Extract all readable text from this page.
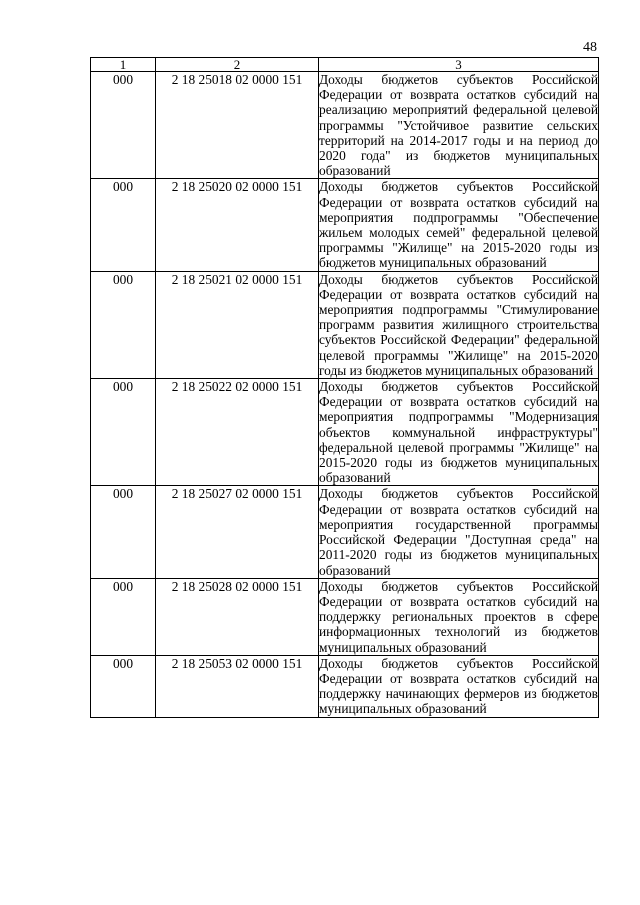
48
1	2	3
000	2 18 25018 02 0000 151	Доходы бюджетов субъектов Российской Федерации от возврата остатков субсидий на реализацию мероприятий федеральной целевой программы "Устойчивое развитие сельских территорий на 2014-2017 годы и на период до 2020 года" из бюджетов муниципальных образований
000	2 18 25020 02 0000 151	Доходы бюджетов субъектов Российской Федерации от возврата остатков субсидий на мероприятия подпрограммы "Обеспечение жильем молодых семей" федеральной целевой программы "Жилище" на 2015-2020 годы из бюджетов муниципальных образований
000	2 18 25021 02 0000 151	Доходы бюджетов субъектов Российской Федерации от возврата остатков субсидий на мероприятия подпрограммы "Стимулирование программ развития жилищного строительства субъектов Российской Федерации" федеральной целевой программы "Жилище" на 2015-2020 годы из бюджетов муниципальных образований
000	2 18 25022 02 0000 151	Доходы бюджетов субъектов Российской Федерации от возврата остатков субсидий на мероприятия подпрограммы "Модернизация объектов коммунальной инфраструктуры" федеральной целевой программы "Жилище" на 2015-2020 годы из бюджетов муниципальных образований
000	2 18 25027 02 0000 151	Доходы бюджетов субъектов Российской Федерации от возврата остатков субсидий на мероприятия государственной программы Российской Федерации "Доступная среда" на 2011-2020 годы из бюджетов муниципальных образований
000	2 18 25028 02 0000 151	Доходы бюджетов субъектов Российской Федерации от возврата остатков субсидий на поддержку региональных проектов в сфере информационных технологий из бюджетов муниципальных образований
000	2 18 25053 02 0000 151	Доходы бюджетов субъектов Российской Федерации от возврата остатков субсидий на поддержку начинающих фермеров из бюджетов муниципальных образований
